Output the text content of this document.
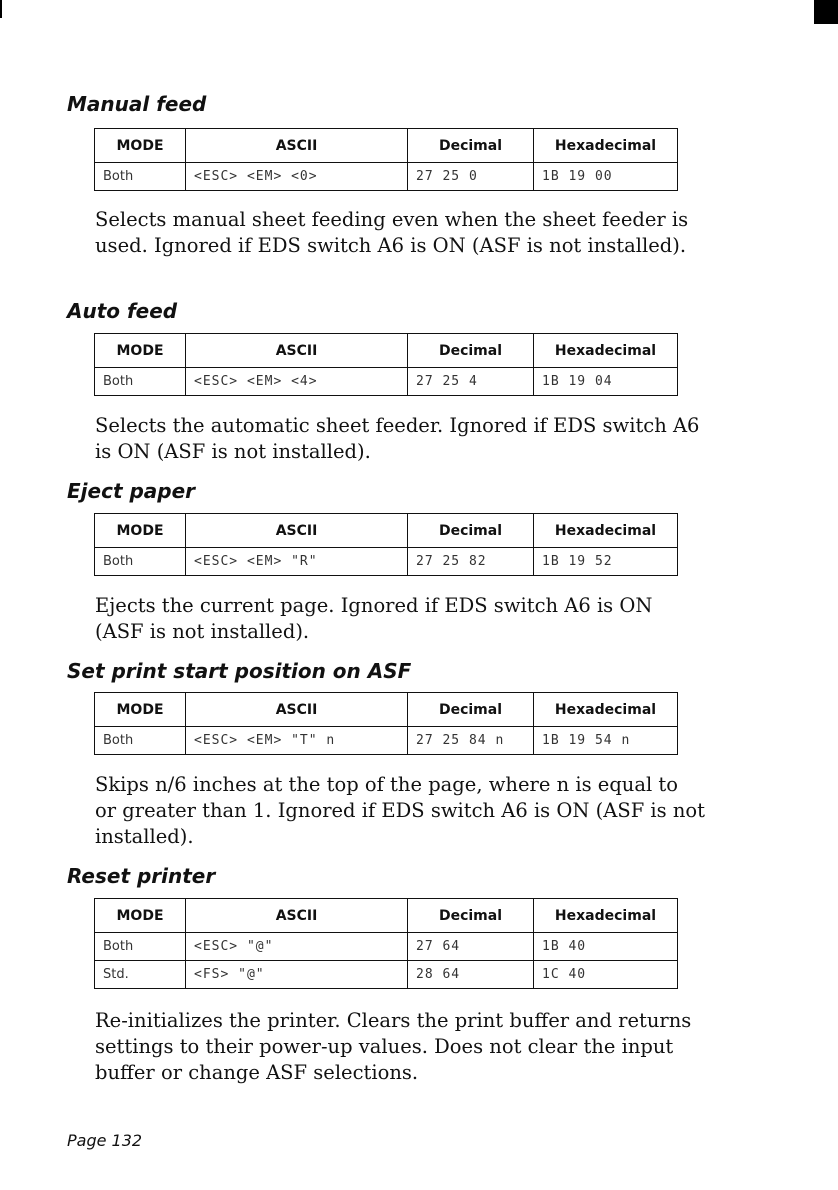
Manual feed
MODE	ASCII	Decimal	Hexadecimal
Both	<ESC> <EM> <0>	27 25 0	1B 19 00

Selects manual sheet feeding even when the sheet feeder is used. Ignored if EDS switch A6 is ON (ASF is not installed).

Auto feed
MODE	ASCII	Decimal	Hexadecimal
Both	<ESC> <EM> <4>	27 25 4	1B 19 04

Selects the automatic sheet feeder. Ignored if EDS switch A6 is ON (ASF is not installed).

Eject paper
MODE	ASCII	Decimal	Hexadecimal
Both	<ESC> <EM> "R"	27 25 82	1B 19 52

Ejects the current page. Ignored if EDS switch A6 is ON (ASF is not installed).

Set print start position on ASF
MODE	ASCII	Decimal	Hexadecimal
Both	<ESC> <EM> "T" n	27 25 84 n	1B 19 54 n

Skips n/6 inches at the top of the page, where n is equal to or greater than 1. Ignored if EDS switch A6 is ON (ASF is not installed).

Reset printer
MODE	ASCII	Decimal	Hexadecimal
Both	<ESC> "@"	27 64	1B 40
Std.	<FS> "@"	28 64	1C 40

Re-initializes the printer. Clears the print buffer and returns settings to their power-up values. Does not clear the input buffer or change ASF selections.

Page 132
